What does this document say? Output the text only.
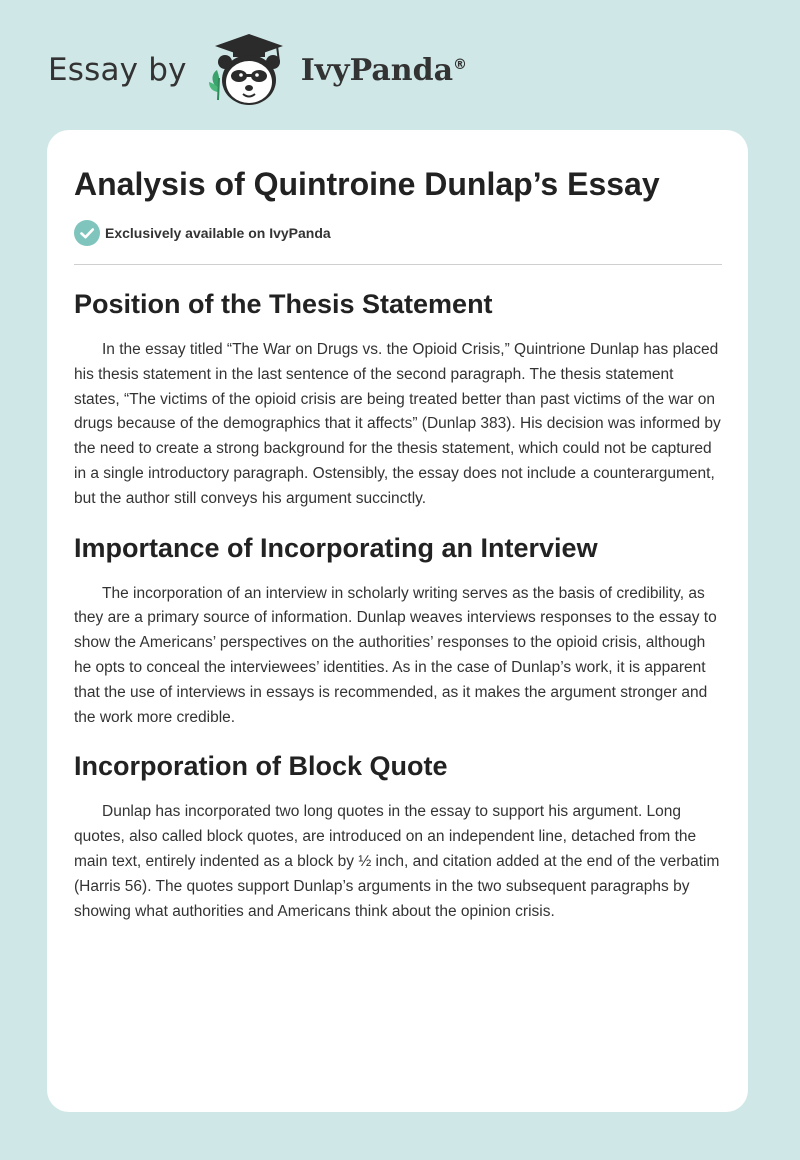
Essay by	IvyPanda®
Analysis of Quintroine Dunlap’s Essay
Exclusively available on IvyPanda
Position of the Thesis Statement

In the essay titled “The War on Drugs vs. the Opioid Crisis,” Quintrione Dunlap has placed his thesis statement in the last sentence of the second paragraph. The thesis statement states, “The victims of the opioid crisis are being treated better than past victims of the war on drugs because of the demographics that it affects” (Dunlap 383). His decision was informed by the need to create a strong background for the thesis statement, which could not be captured in a single introductory paragraph. Ostensibly, the essay does not include a counterargument, but the author still conveys his argument succinctly.

Importance of Incorporating an Interview

The incorporation of an interview in scholarly writing serves as the basis of credibility, as they are a primary source of information. Dunlap weaves interviews responses to the essay to show the Americans’ perspectives on the authorities’ responses to the opioid crisis, although he opts to conceal the interviewees’ identities. As in the case of Dunlap’s work, it is apparent that the use of interviews in essays is recommended, as it makes the argument stronger and the work more credible.

Incorporation of Block Quote

Dunlap has incorporated two long quotes in the essay to support his argument. Long quotes, also called block quotes, are introduced on an independent line, detached from the main text, entirely indented as a block by ½ inch, and citation added at the end of the verbatim (Harris 56). The quotes support Dunlap’s arguments in the two subsequent paragraphs by showing what authorities and Americans think about the opinion crisis.
